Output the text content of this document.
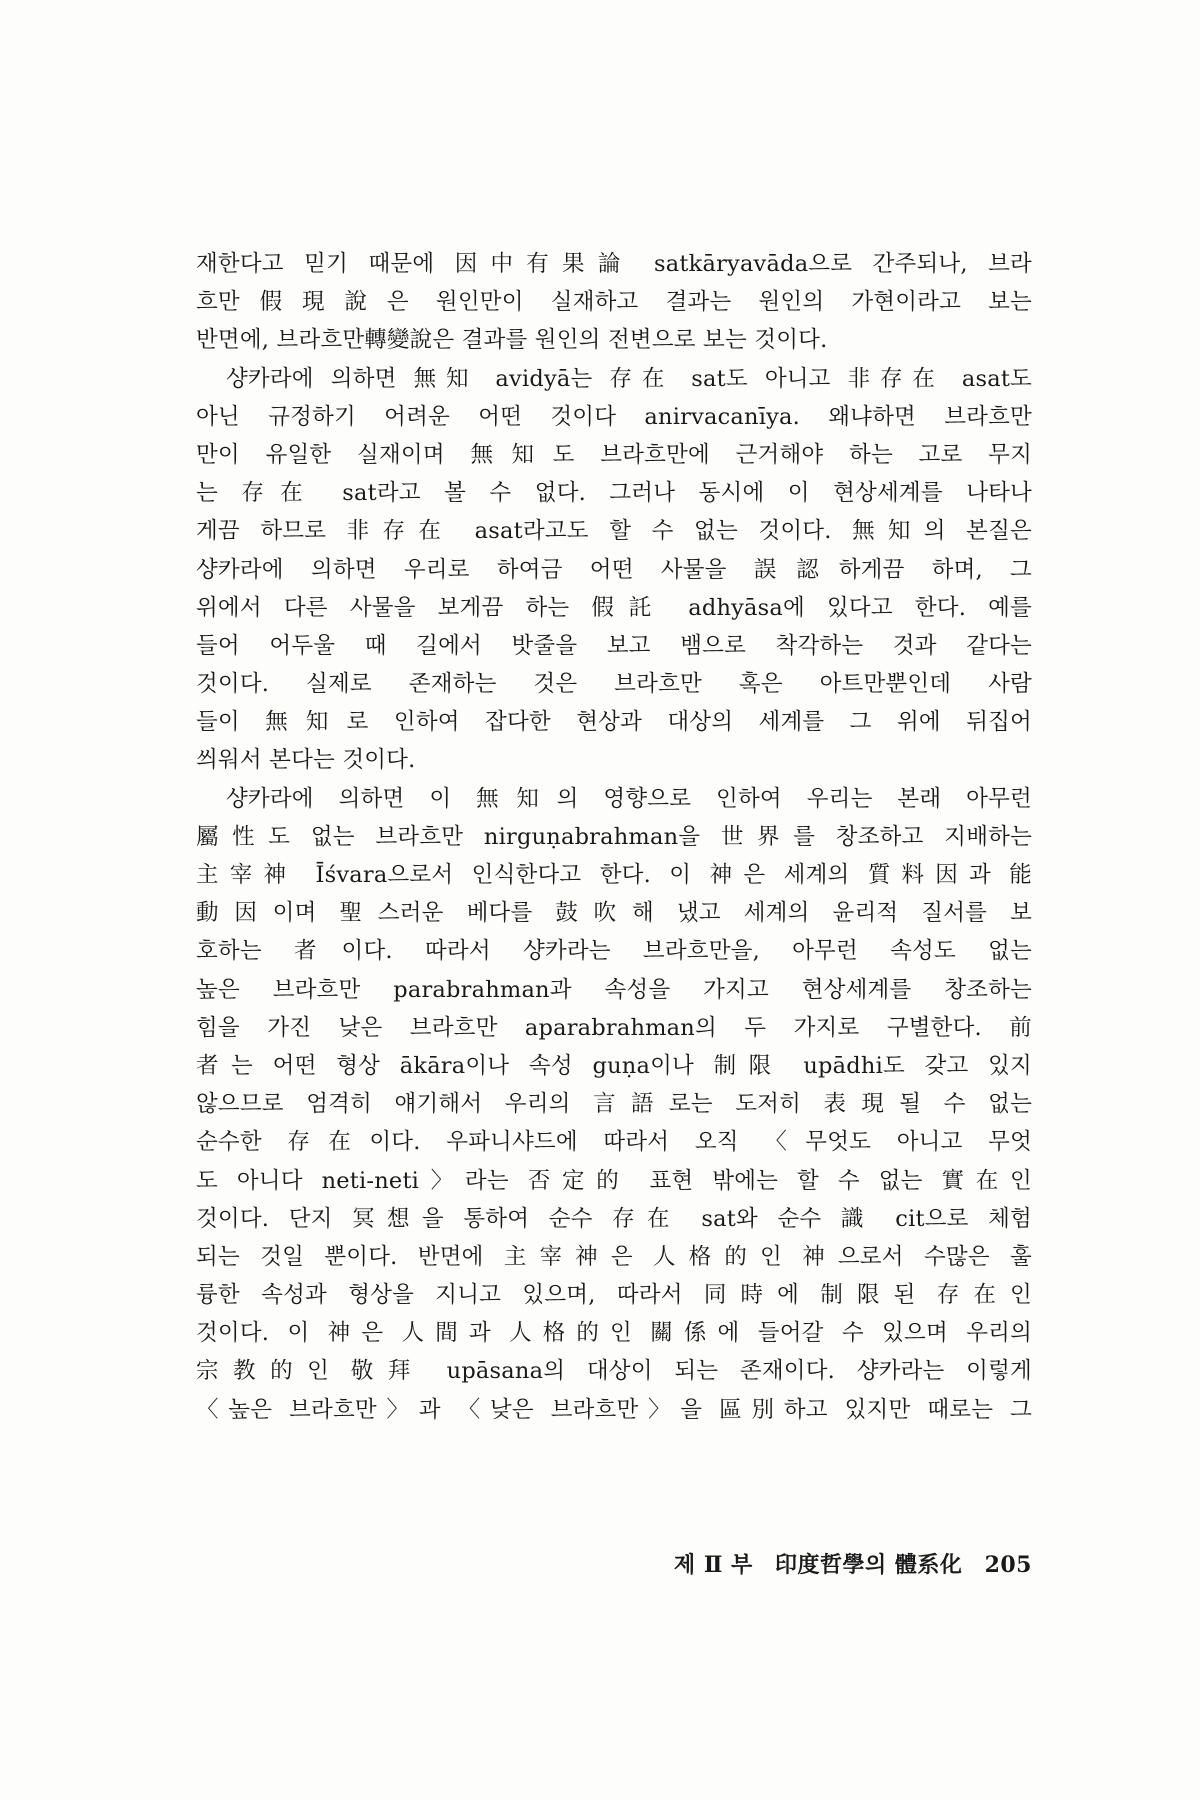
재한다고 믿기 때문에 因中有果論 satkāryavāda으로 간주되나, 브라
흐만假現說은 원인만이 실재하고 결과는 원인의 가현이라고 보는
반면에, 브라흐만轉變說은 결과를 원인의 전변으로 보는 것이다.
샹카라에 의하면 無知 avidyā는 存在 sat도 아니고 非存在 asat도
아닌 규정하기 어려운 어떤 것이다 anirvacanīya. 왜냐하면 브라흐만
만이 유일한 실재이며 無知도 브라흐만에 근거해야 하는 고로 무지
는 存在 sat라고 볼 수 없다. 그러나 동시에 이 현상세계를 나타나
게끔 하므로 非存在 asat라고도 할 수 없는 것이다. 無知의 본질은
샹카라에 의하면 우리로 하여금 어떤 사물을 誤認하게끔 하며, 그
위에서 다른 사물을 보게끔 하는 假託 adhyāsa에 있다고 한다. 예를
들어 어두울 때 길에서 밧줄을 보고 뱀으로 착각하는 것과 같다는
것이다. 실제로 존재하는 것은 브라흐만 혹은 아트만뿐인데 사람
들이 無知로 인하여 잡다한 현상과 대상의 세계를 그 위에 뒤집어
씌워서 본다는 것이다.
샹카라에 의하면 이 無知의 영향으로 인하여 우리는 본래 아무런
屬性도 없는 브라흐만 nirguṇabrahman을 世界를 창조하고 지배하는
主宰神 Īśvara으로서 인식한다고 한다. 이 神은 세계의 質料因과 能
動因이며 聖스러운 베다를 鼓吹해 냈고 세계의 윤리적 질서를 보
호하는 者이다. 따라서 샹카라는 브라흐만을, 아무런 속성도 없는
높은 브라흐만 parabrahman과 속성을 가지고 현상세계를 창조하는
힘을 가진 낮은 브라흐만 aparabrahman의 두 가지로 구별한다. 前
者는 어떤 형상 ākāra이나 속성 guṇa이나 制限 upādhi도 갖고 있지
않으므로 엄격히 얘기해서 우리의 言語로는 도저히 表現될 수 없는
순수한 存在이다. 우파니샤드에 따라서 오직 〈무엇도 아니고 무엇
도 아니다 neti-neti〉라는 否定的 표현 밖에는 할 수 없는 實在인
것이다. 단지 冥想을 통하여 순수 存在 sat와 순수 識 cit으로 체험
되는 것일 뿐이다. 반면에 主宰神은 人格的인 神으로서 수많은 훌
륭한 속성과 형상을 지니고 있으며, 따라서 同時에 制限된 存在인
것이다. 이 神은 人間과 人格的인 關係에 들어갈 수 있으며 우리의
宗教的인 敬拜 upāsana의 대상이 되는 존재이다. 샹카라는 이렇게
〈높은 브라흐만〉과 〈낮은 브라흐만〉을 區別하고 있지만 때로는 그
제 Ⅱ 부 印度哲學의 體系化 205
